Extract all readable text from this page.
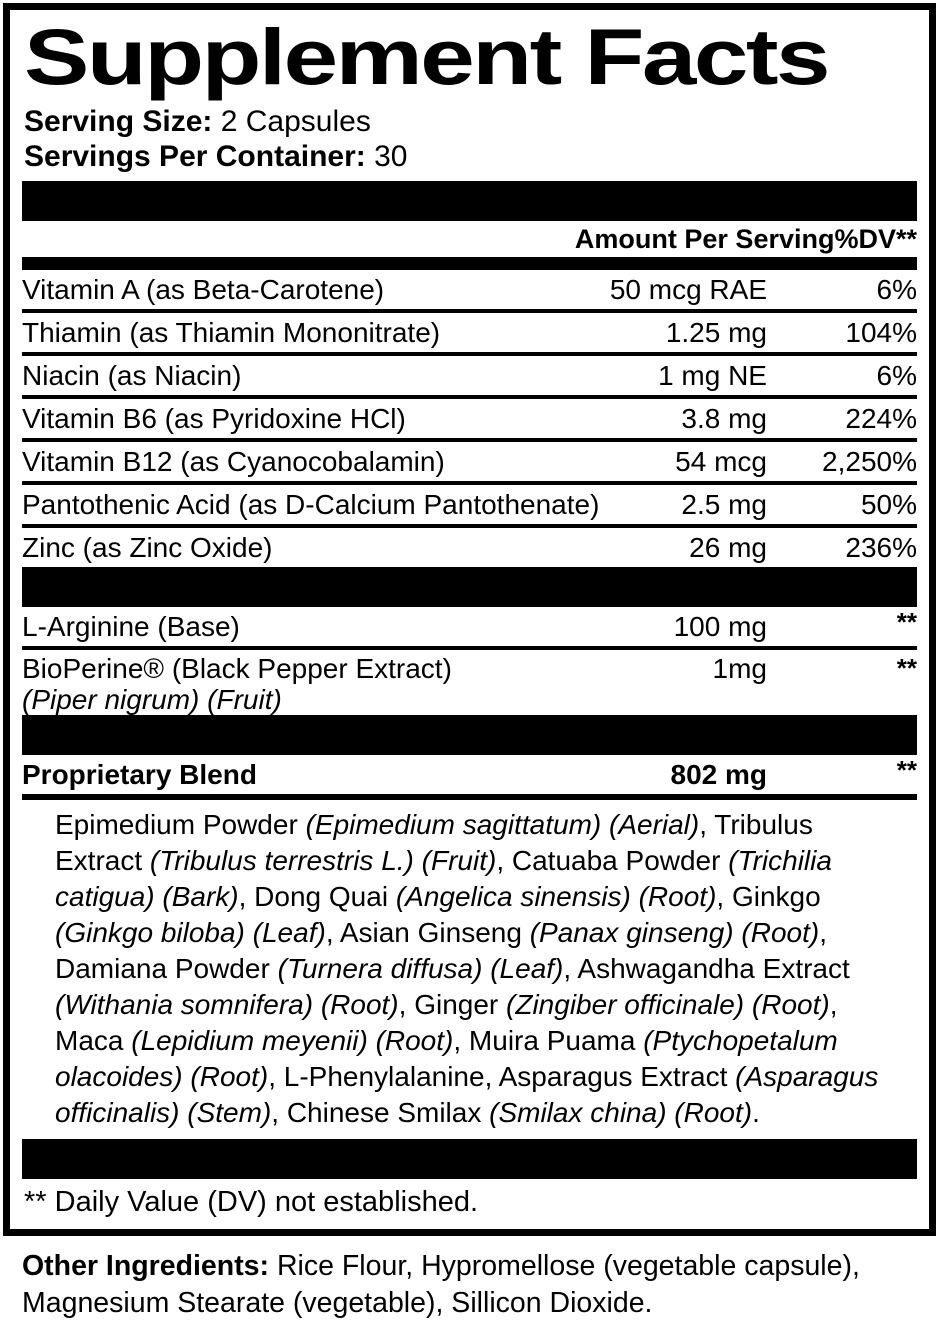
Supplement Facts
Serving Size: 2 Capsules
Servings Per Container: 30
Amount Per Serving %DV**
Vitamin A (as Beta-Carotene)	50 mcg RAE	6%
Thiamin (as Thiamin Mononitrate)	1.25 mg	104%
Niacin (as Niacin)	1 mg NE	6%
Vitamin B6 (as Pyridoxine HCl)	3.8 mg	224%
Vitamin B12 (as Cyanocobalamin)	54 mcg	2,250%
Pantothenic Acid (as D-Calcium Pantothenate)	2.5 mg	50%
Zinc (as Zinc Oxide)	26 mg	236%
L-Arginine (Base)	100 mg	**
BioPerine® (Black Pepper Extract)
(Piper nigrum) (Fruit)
1mg	**
Proprietary Blend	802 mg	**

Epimedium Powder (Epimedium sagittatum) (Aerial), Tribulus Extract (Tribulus terrestris L.) (Fruit), Catuaba Powder (Trichilia catigua) (Bark), Dong Quai (Angelica sinensis) (Root), Ginkgo (Ginkgo biloba) (Leaf), Asian Ginseng (Panax ginseng) (Root), Damiana Powder (Turnera diffusa) (Leaf), Ashwagandha Extract (Withania somnifera) (Root), Ginger (Zingiber officinale) (Root), Maca (Lepidium meyenii) (Root), Muira Puama (Ptychopetalum olacoides) (Root), L-Phenylalanine, Asparagus Extract (Asparagus officinalis) (Stem), Chinese Smilax (Smilax china) (Root).

** Daily Value (DV) not established.

Other Ingredients: Rice Flour, Hypromellose (vegetable capsule), Magnesium Stearate (vegetable), Sillicon Dioxide.
